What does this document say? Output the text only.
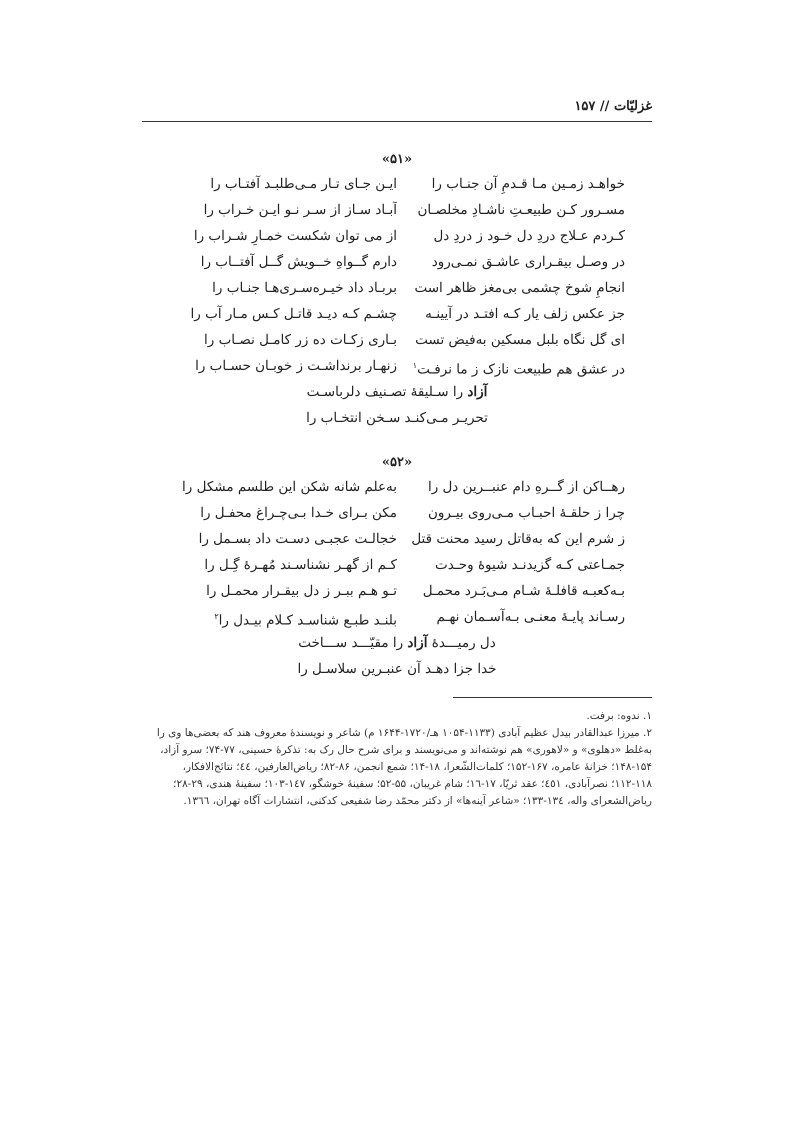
غزلیّات // ۱۵۷
«۵۱»
خواهـد زمـین مـا قـدمِ آن جنـاب را
ایـن جـای تـار مـی‌طلبـد آفتـاب را
مسـرور کـن طبیعـتِ ناشـادِ مخلصـان
آبـاد سـاز از سـر نـو ایـن خـراب را
کـردم عـلاج دردِ دل خـود ز دردِ دل
از می توان شکست خمـارِ شـراب را
در وصـل بیقـراری عاشـق نمـی‌رود
دارم گــواهِ خــویش گــل آفتــاب را
انجامِ شوخ چشمی بی‌مغز ظاهر است
بربـاد داد خیـره‌سـری‌هـا جنـاب را
جز عکس زلف یار کـه افتـد در آیینـه
چشـم کـه دیـد قاتـل کـس مـار آب را
ای گل نگاه بلبل مسکین به‌فیض تست
بـاری زکـات ده زر کامـل نصـاب را
در عشق هم طبیعت نازک ز ما نرفـت$^۱$
زنهـار برنداشـت ز خوبـان حسـاب را
آزاد را سـلیقهٔ تصـنیف دلرباسـت
تحریـر مـی‌کنـد سـخن انتخـاب را
«۵۲»
رهــاکن از گــرهِ دام عنبــرین دل را
به‌علم شانه شکن این طلسم مشکل را
چرا ز حلقـهٔ احبـاب مـی‌روی بیـرون
مکن بـرای خـدا بـی‌چـراغ محفـل را
ز شرم این که به‌قاتل رسید محنت قتل
خجالـت عجبـی دسـت داد بسـمل را
جمـاعتی کـه گزیدنـد شیوهٔ وحـدت
کـم از گهـر نشناسـند مُهـرهٔ گِـل را
بـه‌کعبـه قافلـهٔ شـام مـی‌بَـرد محمـل
تـو هـم ببـر ز دل بیقـرار محمـل را
رسـاند پایـهٔ معنـی بـه‌آسـمان نهـم
بلنـد طبـع شناسـد کـلام بیـدل را$^۲$
دل رمیـــدهٔ آزاد را مقیّـــد ســـاخت
خدا جزا دهـد آن عنبـرین سلاسـل را

۱. ندوه: برفت.

۲. میرزا عبدالقادر بیدل عظیم آبادی (۱۱۳۳-۱۰۵۴ هـ/۱۷۲۰-۱۶۴۴ م) شاعر و نویسندهٔ معروف هند که بعضی‌ها وی را به‌غلط «دهلوی» و «لاهوری» هم نوشته‌اند و می‌نویسند و برای شرح حال رک به: تذکرهٔ حسینی، ۷۷-۷۴؛ سرو آزاد، ۱۵۴-۱۴۸؛ خزانهٔ عامره، ۱۶۷-۱۵۲؛ کلمات‌الشّعرا، ۱۸-۱۴؛ شمع انجمن، ۸۶-۸۲؛ ریاض‌العارفین، ٤٤؛ نتائج‌الافکار، ۱۱۸-۱۱۲؛ نصرآبادی، ٤٥۱؛ عقد ثریّا، ۱۷-۱٦؛ شام غریبان، ۵۵-۵۲؛ سفینهٔ خوشگو، ۱٤۷-۱۰۳؛ سفینهٔ هندی، ۲۹-۲۸؛ ریاض‌الشعرای واله، ۱۳٤-۱۳۳؛ «شاعر آینه‌ها» از دکتر محمّد رضا شفیعی کدکنی، انتشارات آگاه تهران، ۱۳٦٦.
